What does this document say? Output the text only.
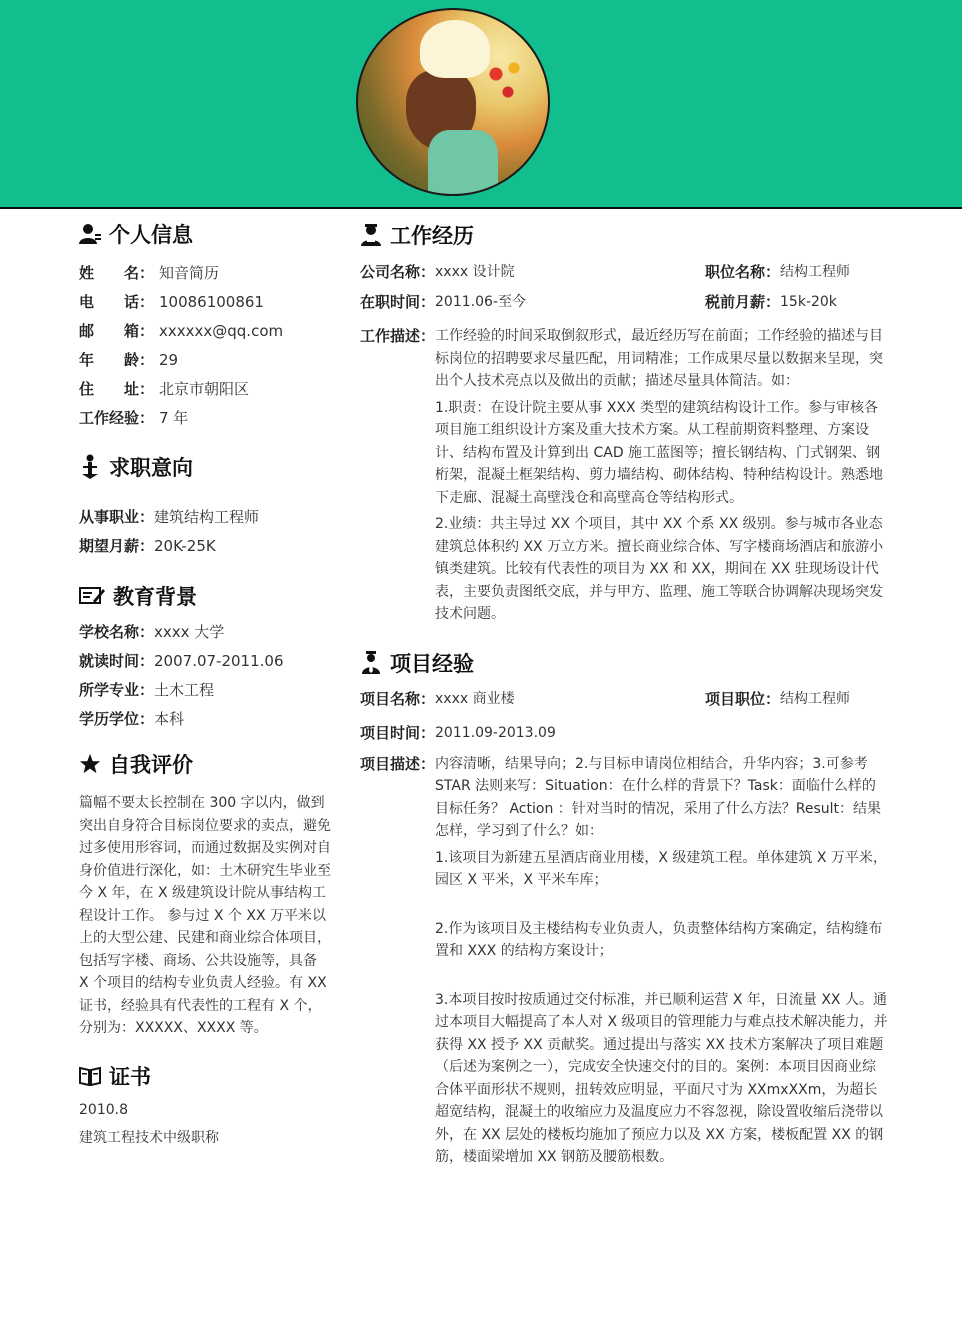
个人信息
姓　　名： 知音简历
电　　话： 10086100861
邮　　箱： xxxxxx@qq.com
年　　龄： 29
住　　址： 北京市朝阳区
工作经验： 7 年
求职意向
从事职业：建筑结构工程师
期望月薪：20K-25K
教育背景
学校名称：xxxx 大学
就读时间：2007.07-2011.06
所学专业：土木工程
学历学位：本科
自我评价

篇幅不要太长控制在 300 字以内，做到突出自身符合目标岗位要求的卖点，避免过多使用形容词，而通过数据及实例对自身价值进行深化，如：土木研究生毕业至今 X 年，在 X 级建筑设计院从事结构工程设计工作。 参与过 X 个 XX 万平米以上的大型公建、民建和商业综合体项目，包括写字楼、商场、公共设施等，具备 X 个项目的结构专业负责人经验。有 XX 证书，经验具有代表性的工程有 X 个，分别为：XXXXX、XXXX 等。

证书
2010.8
建筑工程技术中级职称
工作经历
公司名称： xxxx 设计院	职位名称： 结构工程师
在职时间： 2011.06-至今	税前月薪： 15k-20k
工作描述： 工作经验的时间采取倒叙形式，最近经历写在前面；工作经验的描述与目标岗位的招聘要求尽量匹配，用词精准；工作成果尽量以数据来呈现，突出个人技术亮点以及做出的贡献；描述尽量具体简洁。如：

1.职责：在设计院主要从事 XXX 类型的建筑结构设计工作。参与审核各项目施工组织设计方案及重大技术方案。从工程前期资料整理、方案设计、结构布置及计算到出 CAD 施工蓝图等；擅长钢结构、门式钢架、钢桁架，混凝土框架结构、剪力墙结构、砌体结构、特种结构设计。熟悉地下走廊、混凝土高壁浅仓和高壁高仓等结构形式。

2.业绩：共主导过 XX 个项目，其中 XX 个系 XX 级别。参与城市各业态建筑总体积约 XX 万立方米。擅长商业综合体、写字楼商场酒店和旅游小镇类建筑。比较有代表性的项目为 XX 和 XX，期间在 XX 驻现场设计代表，主要负责图纸交底，并与甲方、监理、施工等联合协调解决现场突发技术问题。

项目经验
项目名称： xxxx 商业楼	项目职位： 结构工程师
项目时间： 2011.09-2013.09
项目描述： 内容清晰，结果导向；2.与目标申请岗位相结合，升华内容；3.可参考 STAR 法则来写：Situation：在什么样的背景下？Task：面临什么样的目标任务？ Action ：针对当时的情况，采用了什么方法？Result：结果怎样，学习到了什么？如：

1.该项目为新建五星酒店商业用楼，X 级建筑工程。单体建筑 X 万平米，园区 X 平米，X 平米车库；

2.作为该项目及主楼结构专业负责人，负责整体结构方案确定，结构缝布置和 XXX 的结构方案设计；

3.本项目按时按质通过交付标准，并已顺利运营 X 年，日流量 XX 人。通过本项目大幅提高了本人对 X 级项目的管理能力与难点技术解决能力，并获得 XX 授予 XX 贡献奖。通过提出与落实 XX 技术方案解决了项目难题（后述为案例之一），完成安全快速交付的目的。案例：本项目因商业综合体平面形状不规则，扭转效应明显，平面尺寸为 XXmxXXm，为超长超宽结构，混凝土的收缩应力及温度应力不容忽视，除设置收缩后浇带以外，在 XX 层处的楼板均施加了预应力以及 XX 方案，楼板配置 XX 的钢筋，楼面梁增加 XX 钢筋及腰筋根数。
